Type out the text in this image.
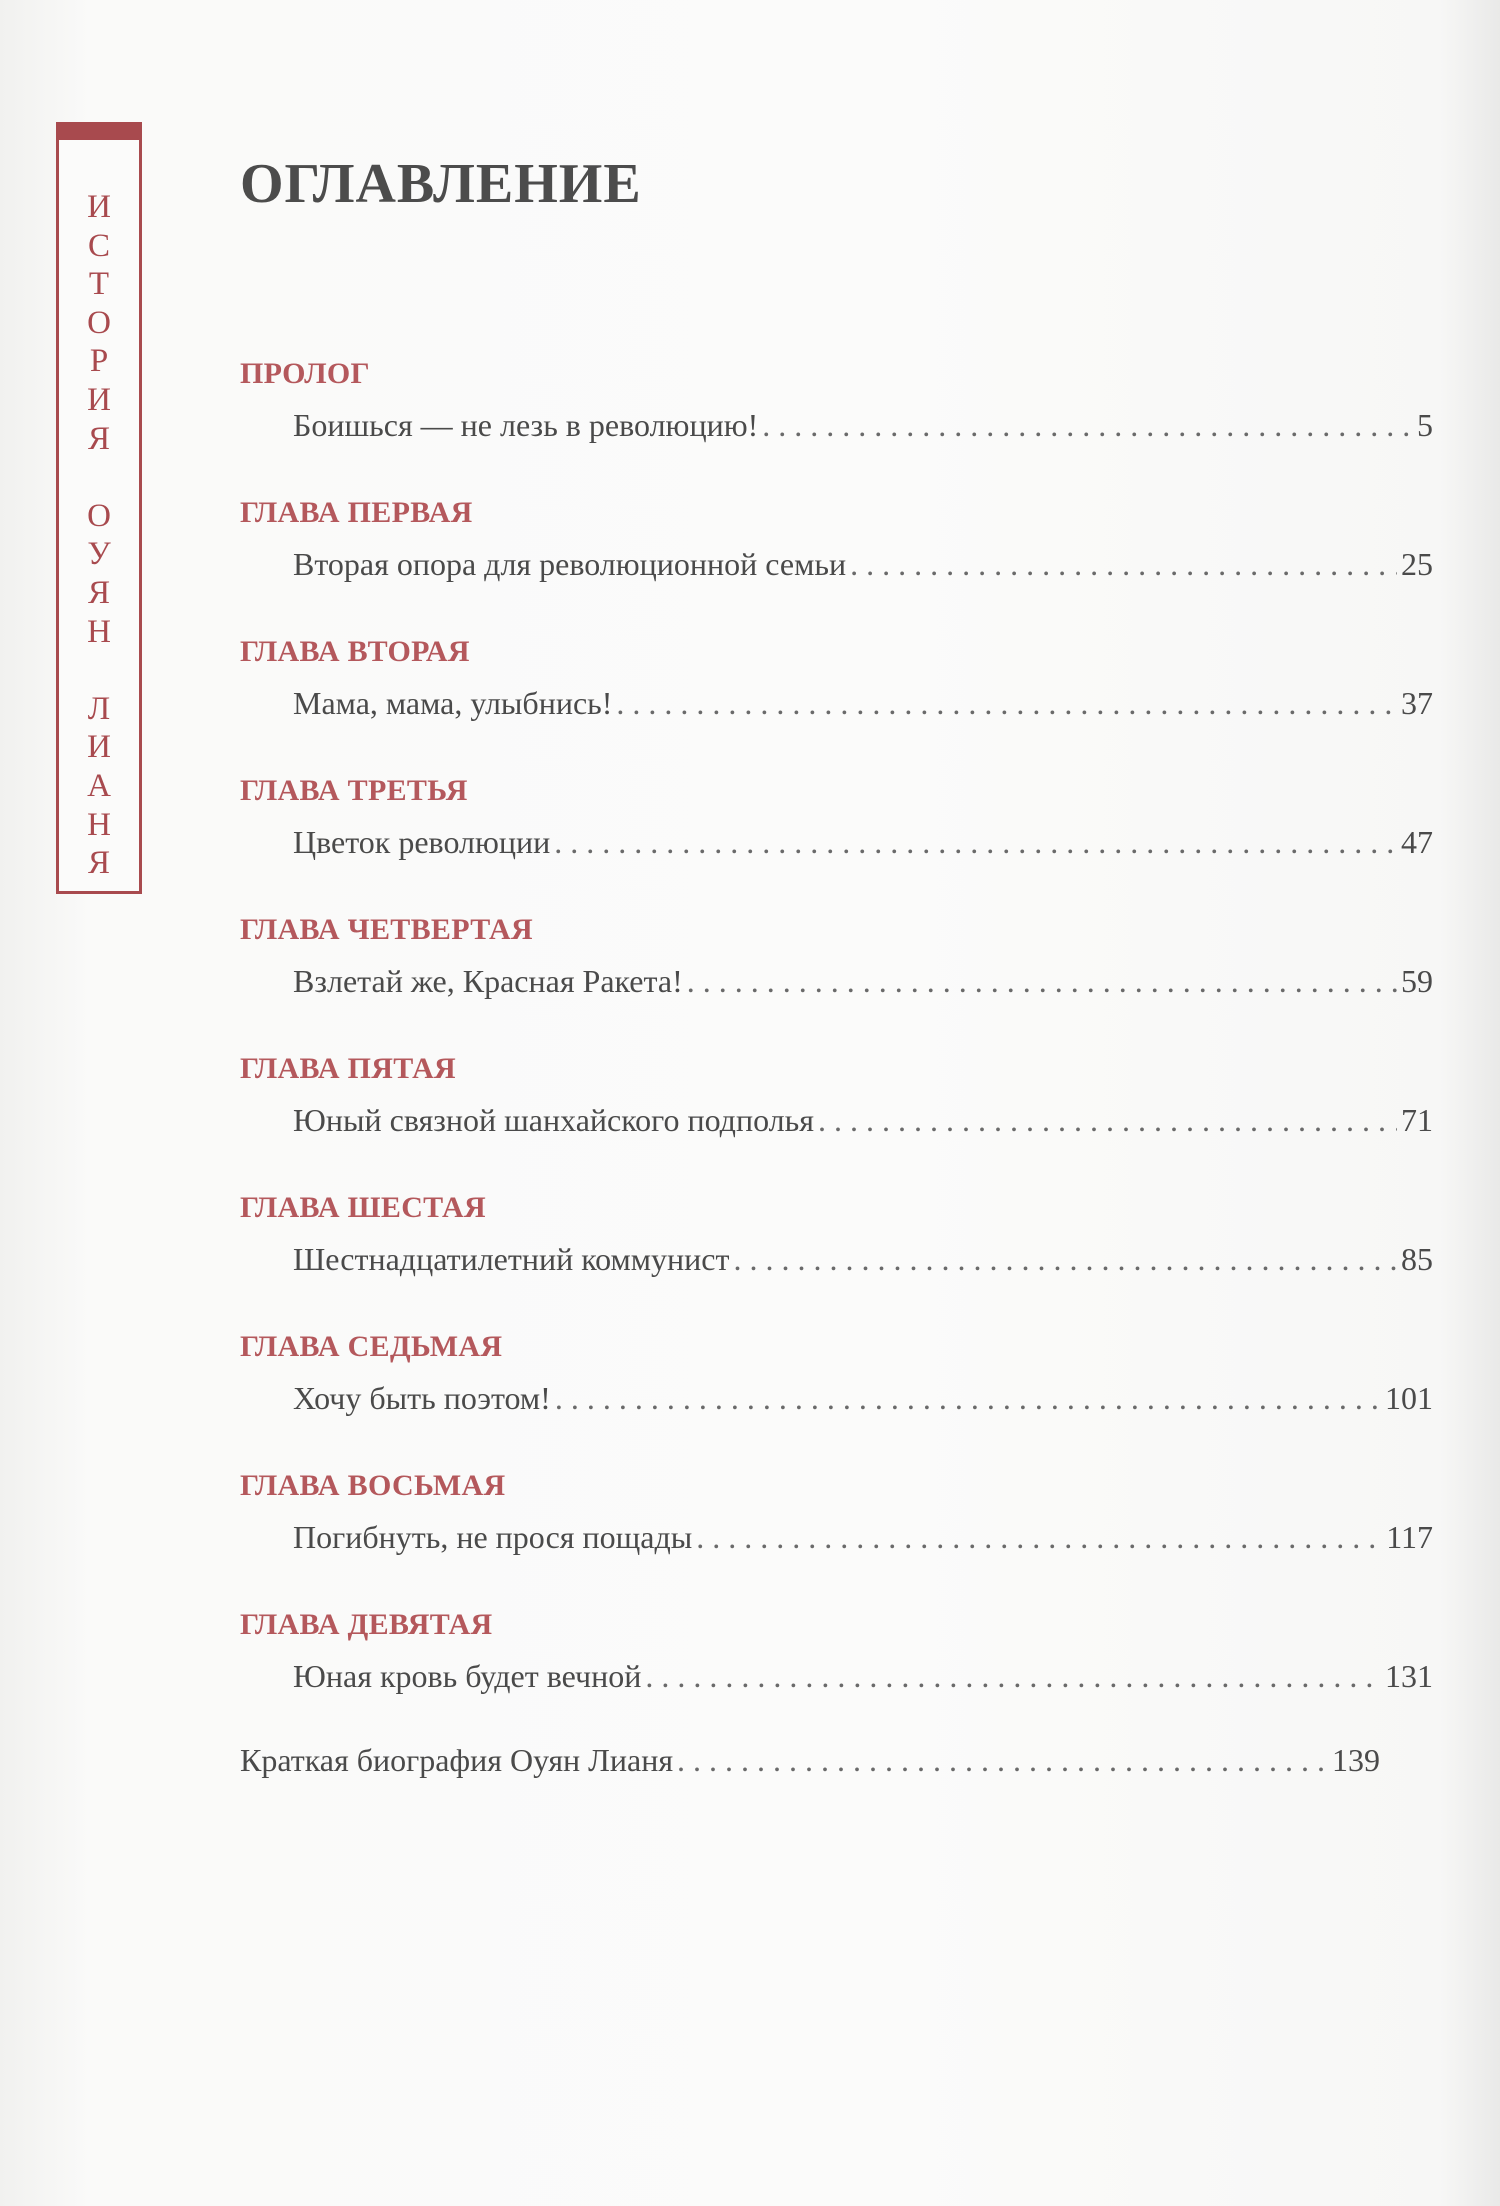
И
С
Т
О
Р
И
Я
О
У
Я
Н
Л
И
А
Н
Я
ОГЛАВЛЕНИЕ
ПРОЛОГ
Боишься — не лезь в революцию! . . .	5
ГЛАВА ПЕРВАЯ
Вторая опора для революционной семьи . . .	25
ГЛАВА ВТОРАЯ
Мама, мама, улыбнись! . . .	37
ГЛАВА ТРЕТЬЯ
Цветок революции . . .	47
ГЛАВА ЧЕТВЕРТАЯ
Взлетай же, Красная Ракета! . . .	59
ГЛАВА ПЯТАЯ
Юный связной шанхайского подполья . . .	71
ГЛАВА ШЕСТАЯ
Шестнадцатилетний коммунист . . .	85
ГЛАВА СЕДЬМАЯ
Хочу быть поэтом! . . .	101
ГЛАВА ВОСЬМАЯ
Погибнуть, не прося пощады . . .	117
ГЛАВА ДЕВЯТАЯ
Юная кровь будет вечной . . .	131
Краткая биография Оуян Лианя . . .	139
